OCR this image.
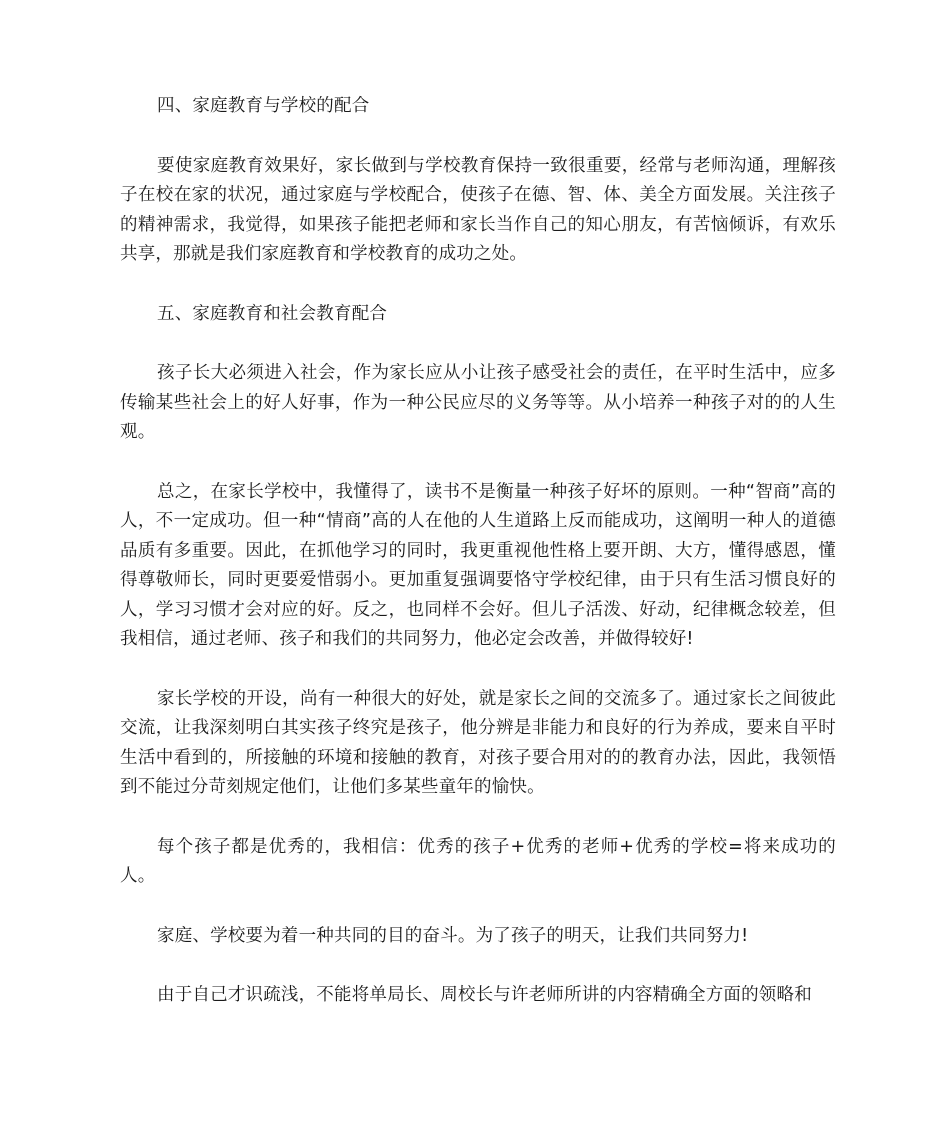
四、家庭教育与学校的配合

要使家庭教育效果好，家长做到与学校教育保持一致很重要，经常与老师沟通，理解孩子在校在家的状况，通过家庭与学校配合，使孩子在德、智、体、美全方面发展。关注孩子的精神需求，我觉得，如果孩子能把老师和家长当作自己的知心朋友，有苦恼倾诉，有欢乐共享，那就是我们家庭教育和学校教育的成功之处。

五、家庭教育和社会教育配合

孩子长大必须进入社会，作为家长应从小让孩子感受社会的责任，在平时生活中，应多传输某些社会上的好人好事，作为一种公民应尽的义务等等。从小培养一种孩子对的的人生观。

总之，在家长学校中，我懂得了，读书不是衡量一种孩子好坏的原则。一种“智商”高的人，不一定成功。但一种“情商”高的人在他的人生道路上反而能成功，这阐明一种人的道德品质有多重要。因此，在抓他学习的同时，我更重视他性格上要开朗、大方，懂得感恩，懂得尊敬师长，同时更要爱惜弱小。更加重复强调要恪守学校纪律，由于只有生活习惯良好的人，学习习惯才会对应的好。反之，也同样不会好。但儿子活泼、好动，纪律概念较差，但我相信，通过老师、孩子和我们的共同努力，他必定会改善，并做得较好!

家长学校的开设，尚有一种很大的好处，就是家长之间的交流多了。通过家长之间彼此交流，让我深刻明白其实孩子终究是孩子，他分辨是非能力和良好的行为养成，要来自平时生活中看到的，所接触的环境和接触的教育，对孩子要合用对的的教育办法，因此，我领悟到不能过分苛刻规定他们，让他们多某些童年的愉快。

每个孩子都是优秀的，我相信：优秀的孩子+优秀的老师+优秀的学校=将来成功的人。

家庭、学校要为着一种共同的目的奋斗。为了孩子的明天，让我们共同努力!

由于自己才识疏浅，不能将单局长、周校长与许老师所讲的内容精确全方面的领略和
